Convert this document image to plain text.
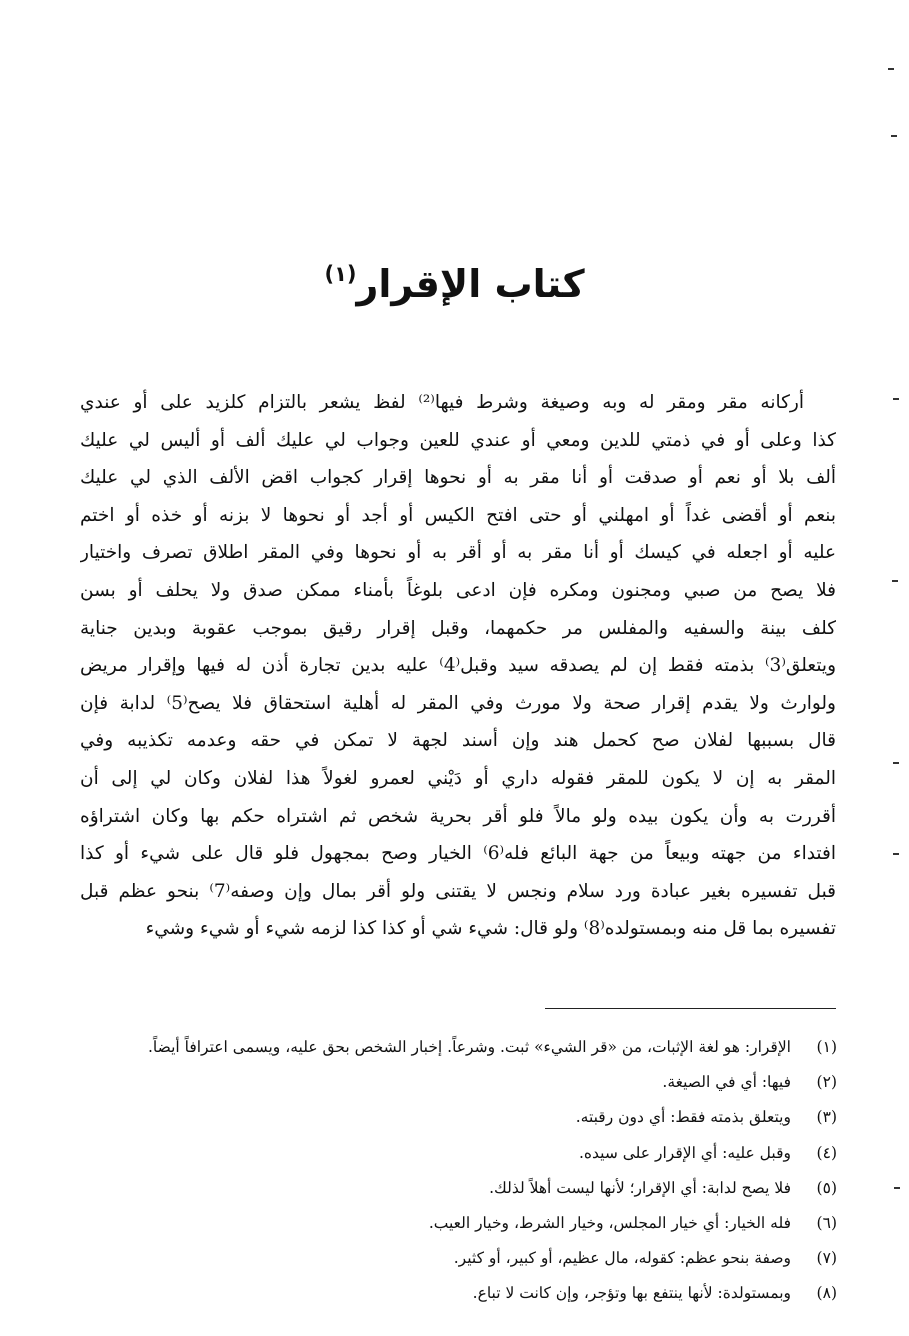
كتاب الإقرار$^{(١)}$
أركانه مقر ومقر له وبه وصيغة وشرط فيها⁽²⁾ لفظ يشعر بالتزام كلزيد على أو عندي
كذا وعلى أو في ذمتي للدين ومعي أو عندي للعين وجواب لي عليك ألف أو أليس لي عليك
ألف بلا أو نعم أو صدقت أو أنا مقر به أو نحوها إقرار كجواب اقض الألف الذي لي عليك
بنعم أو أقضى غداً أو امهلني أو حتى افتح الكيس أو أجد أو نحوها لا بزنه أو خذه أو اختم
عليه أو اجعله في كيسك أو أنا مقر به أو أقر به أو نحوها وفي المقر اطلاق تصرف واختيار
فلا يصح من صبي ومجنون ومكره فإن ادعى بلوغاً بأمناء ممكن صدق ولا يحلف أو بسن
كلف بينة والسفيه والمفلس مر حكمهما، وقبل إقرار رقيق بموجب عقوبة وبدين جناية
ويتعلق⁽3⁾ بذمته فقط إن لم يصدقه سيد وقبل⁽4⁾ عليه بدين تجارة أذن له فيها وإقرار مريض
ولوارث ولا يقدم إقرار صحة ولا مورث وفي المقر له أهلية استحقاق فلا يصح⁽5⁾ لدابة فإن
قال بسببها لفلان صح كحمل هند وإن أسند لجهة لا تمكن في حقه وعدمه تكذيبه وفي
المقر به إن لا يكون للمقر فقوله داري أو دَيْني لعمرو لغولاً هذا لفلان وكان لي إلى أن
أقررت به وأن يكون بيده ولو مالاً فلو أقر بحرية شخص ثم اشتراه حكم بها وكان اشتراؤه
افتداء من جهته وبيعاً من جهة البائع فله⁽6⁾ الخيار وصح بمجهول فلو قال على شيء أو كذا
قبل تفسيره بغير عبادة ورد سلام ونجس لا يقتنى ولو أقر بمال وإن وصفه⁽7⁾ بنحو عظم قبل
تفسيره بما قل منه وبمستولده⁽8⁾ ولو قال: شيء شي أو كذا كذا لزمه شيء أو شيء وشيء
(١)
الإقرار: هو لغة الإثبات، من «قر الشيء» ثبت. وشرعاً. إخبار الشخص بحق عليه، ويسمى اعترافاً أيضاً.
(٢)
فيها: أي في الصيغة.
(٣)
ويتعلق بذمته فقط: أي دون رقبته.
(٤)
وقبل عليه: أي الإقرار على سيده.
(٥)
فلا يصح لدابة: أي الإقرار؛ لأنها ليست أهلاً لذلك.
(٦)
فله الخيار: أي خيار المجلس، وخيار الشرط، وخيار العيب.
(٧)
وصفة بنحو عظم: كقوله، مال عظيم، أو كبير، أو كثير.
(٨)
وبمستولدة: لأنها ينتفع بها وتؤجر، وإن كانت لا تباع.
